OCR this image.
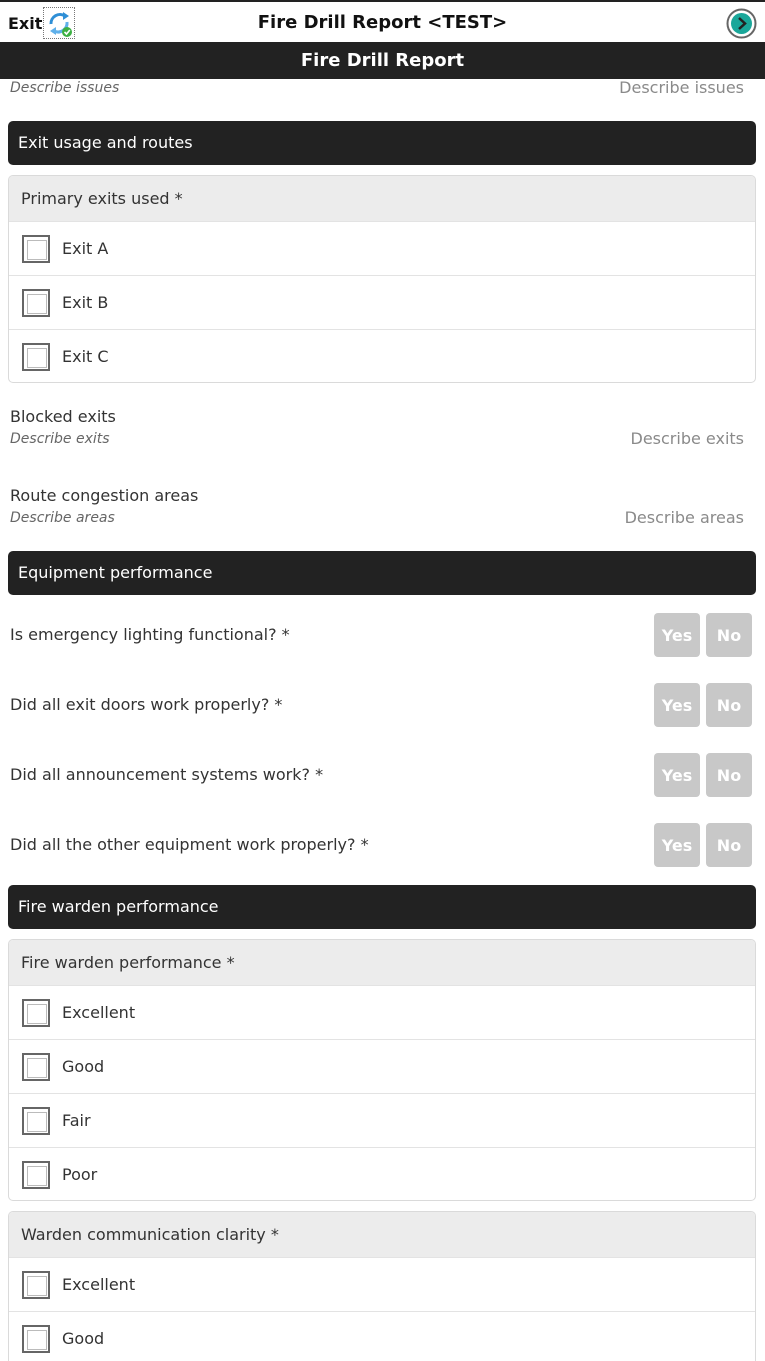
Exit	Fire Drill Report <TEST>
Fire Drill Report
Describe issues	Describe issues
Exit usage and routes
Primary exits used *
Exit A
Exit B
Exit C
Blocked exits
Describe exits	Describe exits
Route congestion areas
Describe areas	Describe areas
Equipment performance
Is emergency lighting functional? *	Yes	No
Did all exit doors work properly? *	Yes	No
Did all announcement systems work? *	Yes	No
Did all the other equipment work properly? *	Yes	No
Fire warden performance
Fire warden performance *
Excellent
Good
Fair
Poor
Warden communication clarity *
Excellent
Good
